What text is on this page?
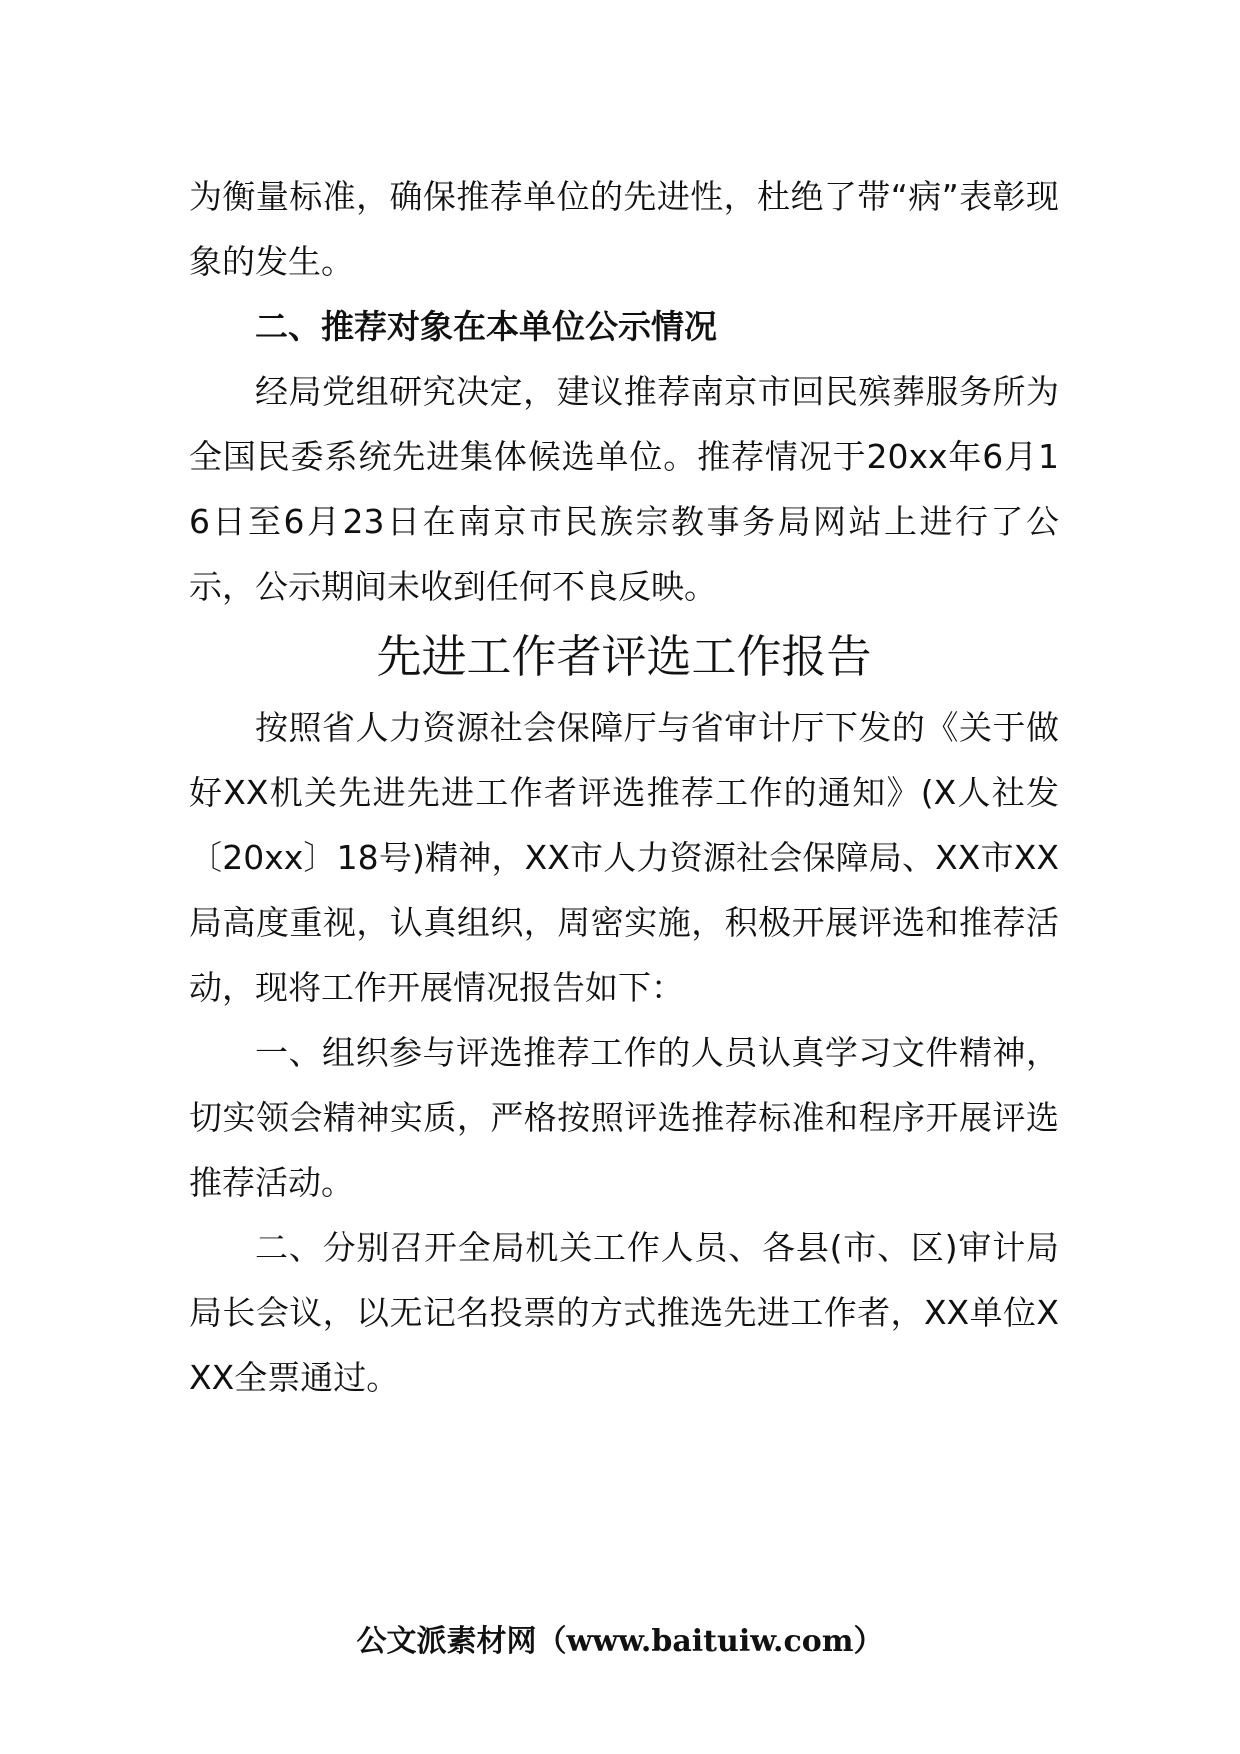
为衡量标准，确保推荐单位的先进性，杜绝了带“病”表彰现象的发生。

二、推荐对象在本单位公示情况

经局党组研究决定，建议推荐南京市回民殡葬服务所为全国民委系统先进集体候选单位。推荐情况于20xx年6月16日至6月23日在南京市民族宗教事务局网站上进行了公示，公示期间未收到任何不良反映。

先进工作者评选工作报告

按照省人力资源社会保障厅与省审计厅下发的《关于做好XX机关先进先进工作者评选推荐工作的通知》(X人社发〔20xx〕18号)精神，XX市人力资源社会保障局、XX市XX局高度重视，认真组织，周密实施，积极开展评选和推荐活动，现将工作开展情况报告如下：

一、组织参与评选推荐工作的人员认真学习文件精神，切实领会精神实质，严格按照评选推荐标准和程序开展评选推荐活动。

二、分别召开全局机关工作人员、各县(市、区)审计局局长会议，以无记名投票的方式推选先进工作者，XX单位XXX全票通过。

公文派素材网（www.baituiw.com）
